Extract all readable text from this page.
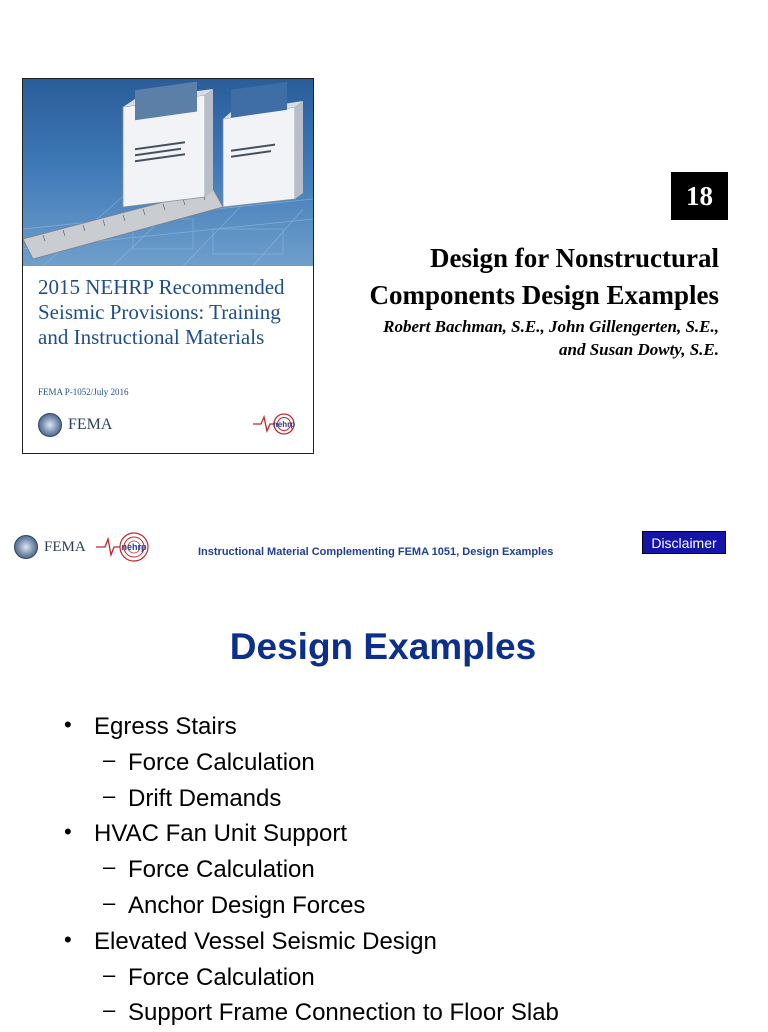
2015 NEHRP Recommended Seismic Provisions: Training and Instructional Materials
FEMA P-1052/July 2016
FEMA	nehrp
18
Design for Nonstructural
Components Design Examples
Robert Bachman, S.E., John Gillengerten, S.E.,
and Susan Dowty, S.E.
FEMA	nehrp	Instructional Material Complementing FEMA 1051, Design Examples
Disclaimer
Design Examples
• Egress Stairs
– Force Calculation
– Drift Demands
• HVAC Fan Unit Support
– Force Calculation
– Anchor Design Forces
• Elevated Vessel Seismic Design
– Force Calculation
– Support Frame Connection to Floor Slab
